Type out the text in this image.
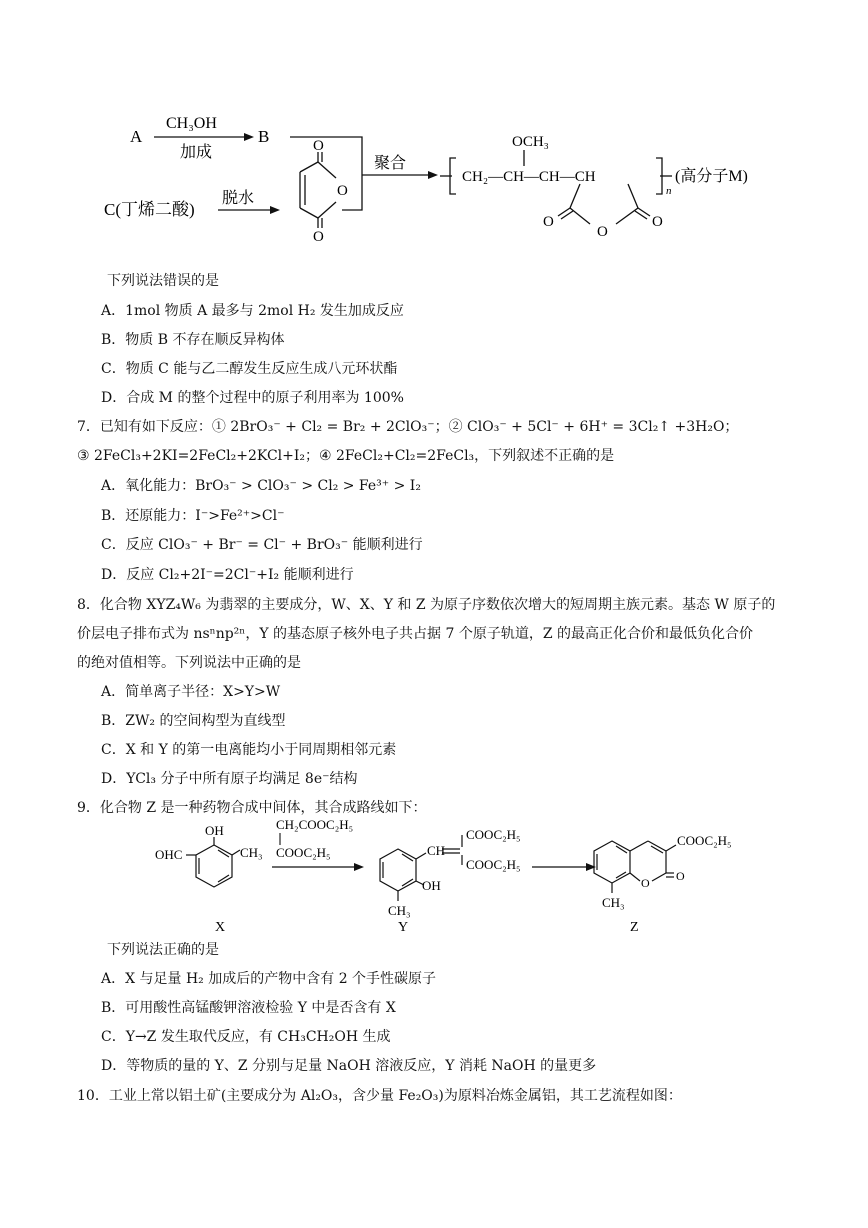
A
CH₃OH
加成
B
C(丁烯二酸)
脱水
O
O
O
聚合
OCH₃
CH₂—CH—CH—CH
n
(高分子M)
O
O
O
下列说法错误的是
A．1mol 物质 A 最多与 2mol H₂ 发生加成反应
B．物质 B 不存在顺反异构体
C．物质 C 能与乙二醇发生反应生成八元环状酯
D．合成 M 的整个过程中的原子利用率为 100%
7．已知有如下反应：① 2BrO₃⁻ + Cl₂ = Br₂ + 2ClO₃⁻；② ClO₃⁻ + 5Cl⁻ + 6H⁺ = 3Cl₂↑ +3H₂O；
③ 2FeCl₃+2KI=2FeCl₂+2KCl+I₂；④ 2FeCl₂+Cl₂=2FeCl₃，下列叙述不正确的是
A．氧化能力：BrO₃⁻ > ClO₃⁻ > Cl₂ > Fe³⁺ > I₂
B．还原能力：I⁻>Fe²⁺>Cl⁻
C．反应 ClO₃⁻ + Br⁻ = Cl⁻ + BrO₃⁻ 能顺利进行
D．反应 Cl₂+2I⁻=2Cl⁻+I₂ 能顺利进行
8．化合物 XYZ₄W₆ 为翡翠的主要成分，W、X、Y 和 Z 为原子序数依次增大的短周期主族元素。基态 W 原子的
价层电子排布式为 nsⁿnp²ⁿ，Y 的基态原子核外电子共占据 7 个原子轨道，Z 的最高正化合价和最低负化合价
的绝对值相等。下列说法中正确的是
A．简单离子半径：X>Y>W
B．ZW₂ 的空间构型为直线型
C．X 和 Y 的第一电离能均小于同周期相邻元素
D．YCl₃ 分子中所有原子均满足 8e⁻结构
9．化合物 Z 是一种药物合成中间体，其合成路线如下：
OH
OHC	CH₃
CH₂COOC₂H₅
COOC₂H₅	CH
COOC₂H₅
COOC₂H₅
OH
CH₃
COOC₂H₅
O O
CH₃
X	Y	Z
下列说法正确的是
A．X 与足量 H₂ 加成后的产物中含有 2 个手性碳原子
B．可用酸性高锰酸钾溶液检验 Y 中是否含有 X
C．Y→Z 发生取代反应，有 CH₃CH₂OH 生成
D．等物质的量的 Y、Z 分别与足量 NaOH 溶液反应，Y 消耗 NaOH 的量更多
10．工业上常以铝土矿(主要成分为 Al₂O₃，含少量 Fe₂O₃)为原料冶炼金属铝，其工艺流程如图：
